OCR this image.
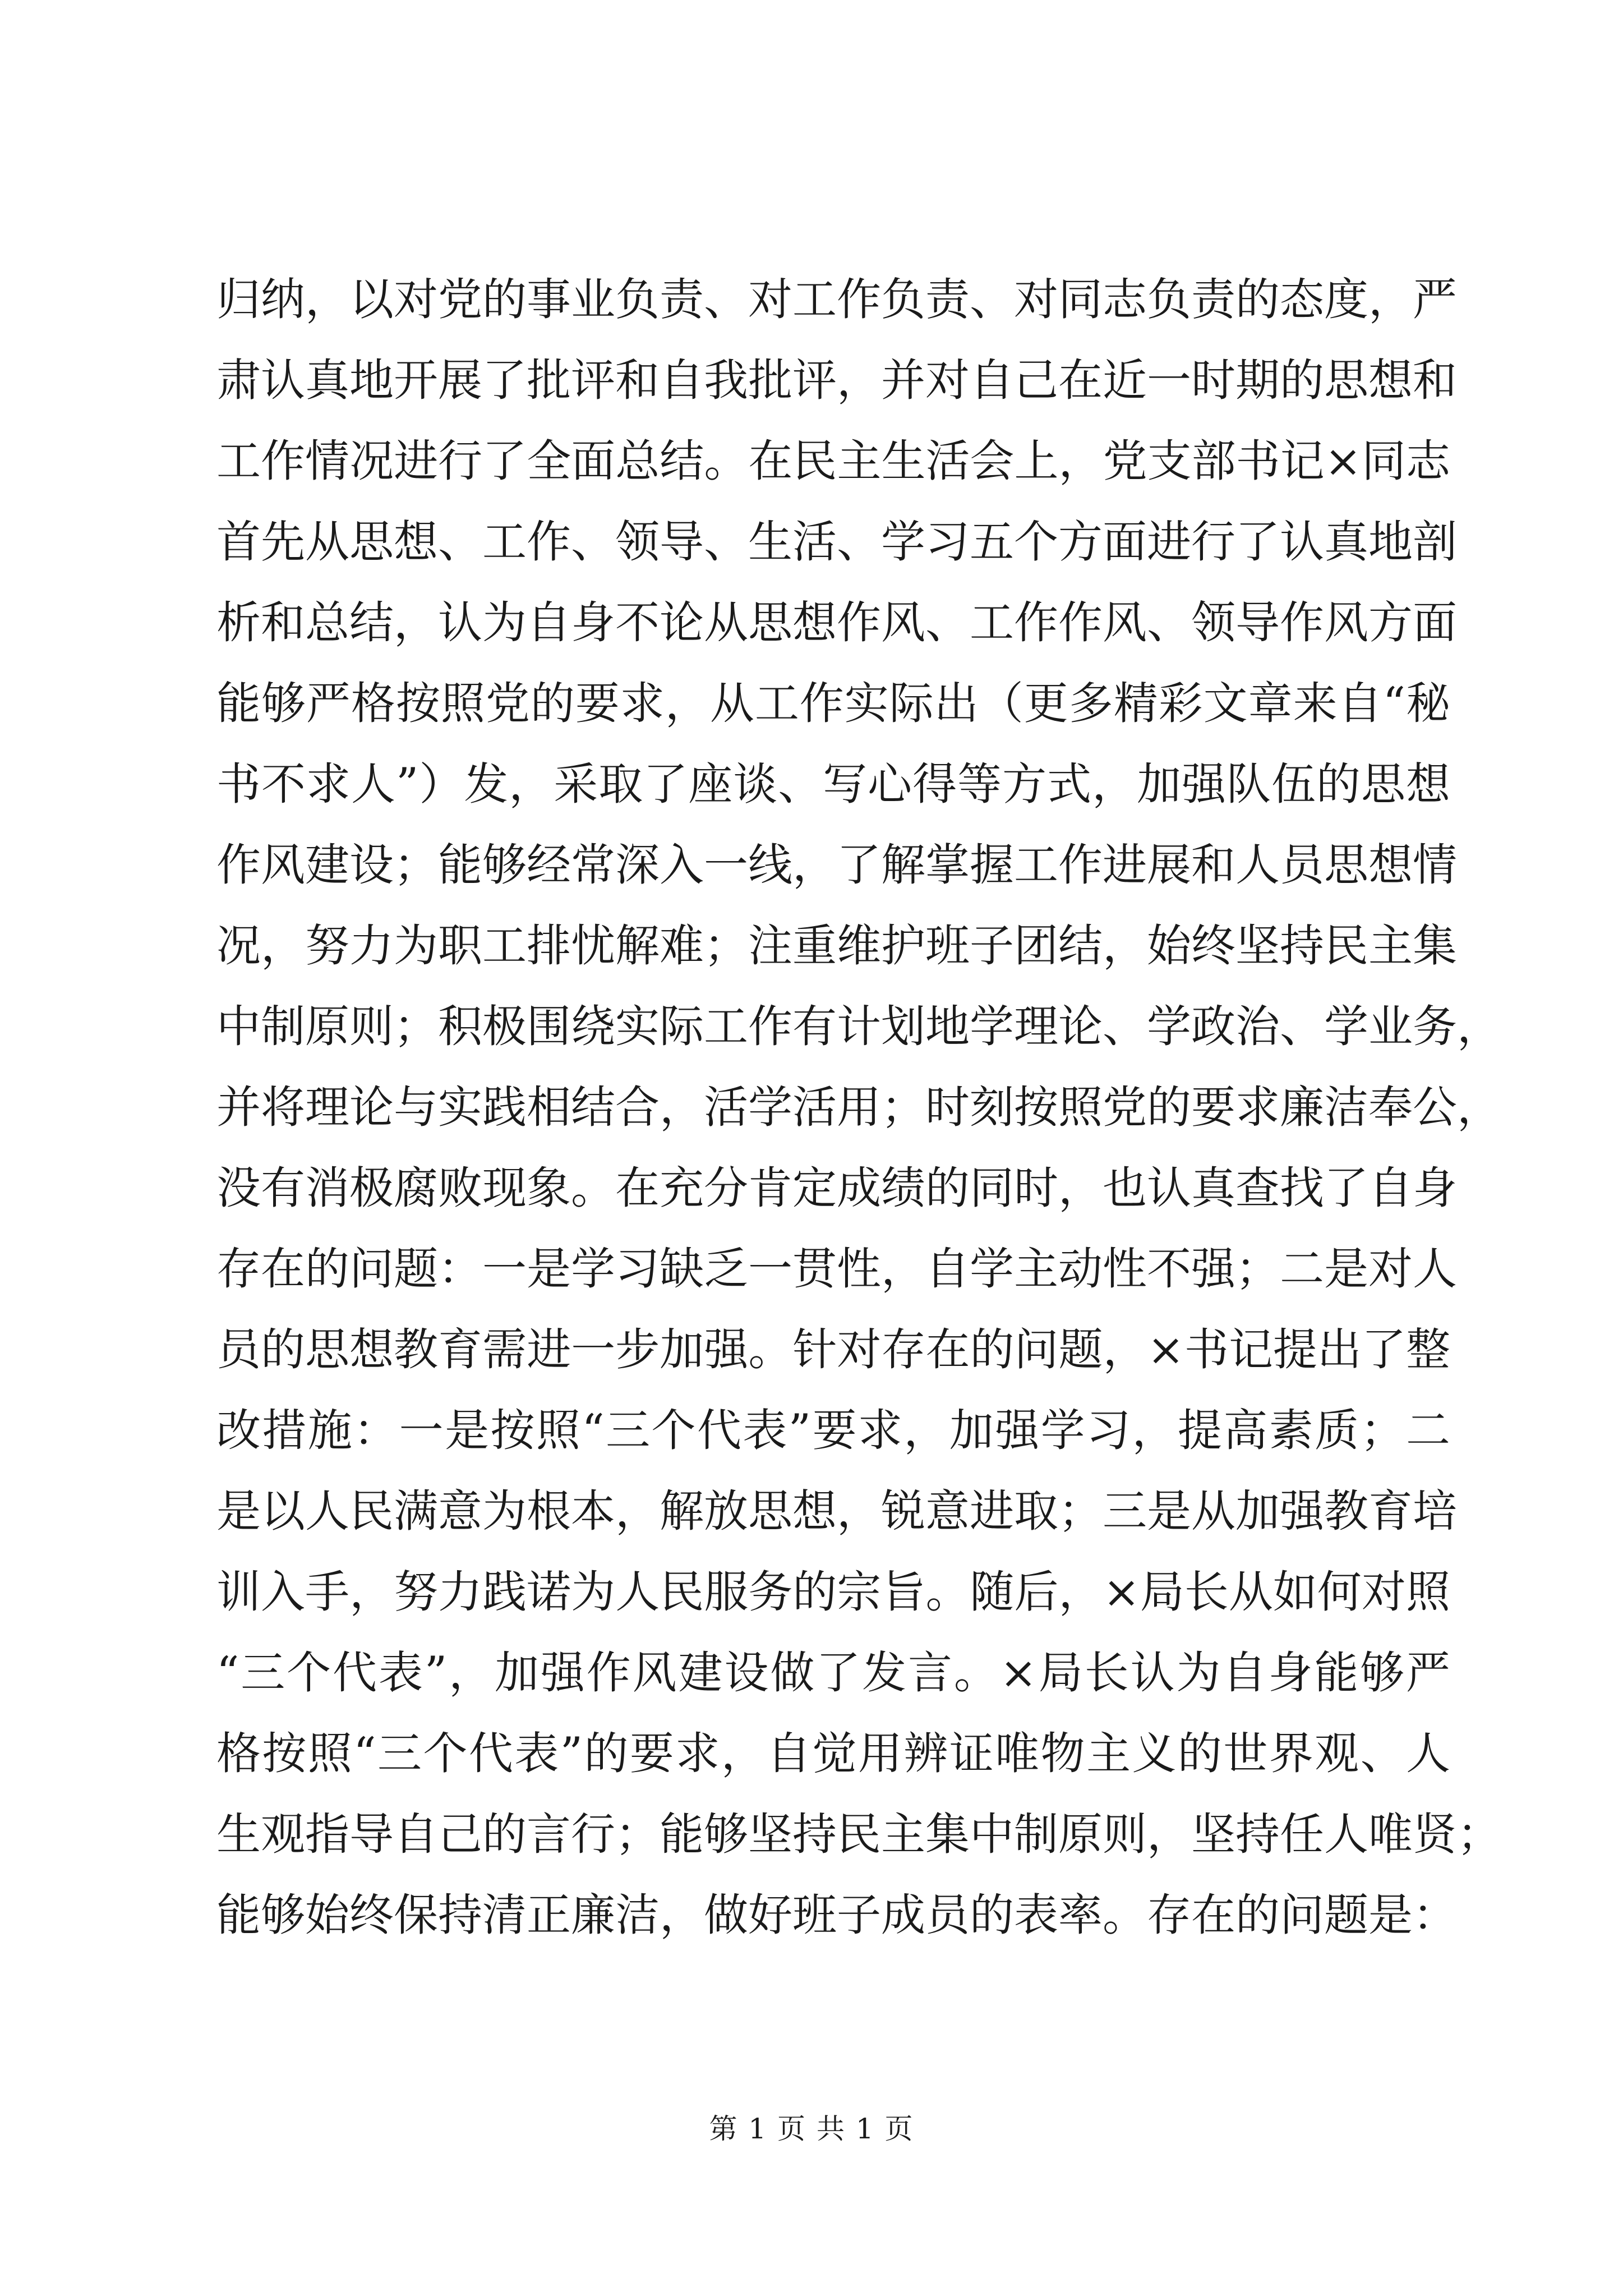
归纳，以对党的事业负责、对工作负责、对同志负责的态度，严
肃认真地开展了批评和自我批评，并对自己在近一时期的思想和
工作情况进行了全面总结。在民主生活会上，党支部书记×同志
首先从思想、工作、领导、生活、学习五个方面进行了认真地剖
析和总结，认为自身不论从思想作风、工作作风、领导作风方面
能够严格按照党的要求，从工作实际出（更多精彩文章来自“秘
书不求人”）发，采取了座谈、写心得等方式，加强队伍的思想
作风建设；能够经常深入一线，了解掌握工作进展和人员思想情
况，努力为职工排忧解难；注重维护班子团结，始终坚持民主集
中制原则；积极围绕实际工作有计划地学理论、学政治、学业务，
并将理论与实践相结合，活学活用；时刻按照党的要求廉洁奉公，
没有消极腐败现象。在充分肯定成绩的同时，也认真查找了自身
存在的问题：一是学习缺乏一贯性，自学主动性不强；二是对人
员的思想教育需进一步加强。针对存在的问题，×书记提出了整
改措施：一是按照“三个代表”要求，加强学习，提高素质；二
是以人民满意为根本，解放思想，锐意进取；三是从加强教育培
训入手，努力践诺为人民服务的宗旨。随后，×局长从如何对照
“三个代表”，加强作风建设做了发言。×局长认为自身能够严
格按照“三个代表”的要求，自觉用辨证唯物主义的世界观、人
生观指导自己的言行；能够坚持民主集中制原则，坚持任人唯贤；
能够始终保持清正廉洁，做好班子成员的表率。存在的问题是：
第 1 页 共 1 页
